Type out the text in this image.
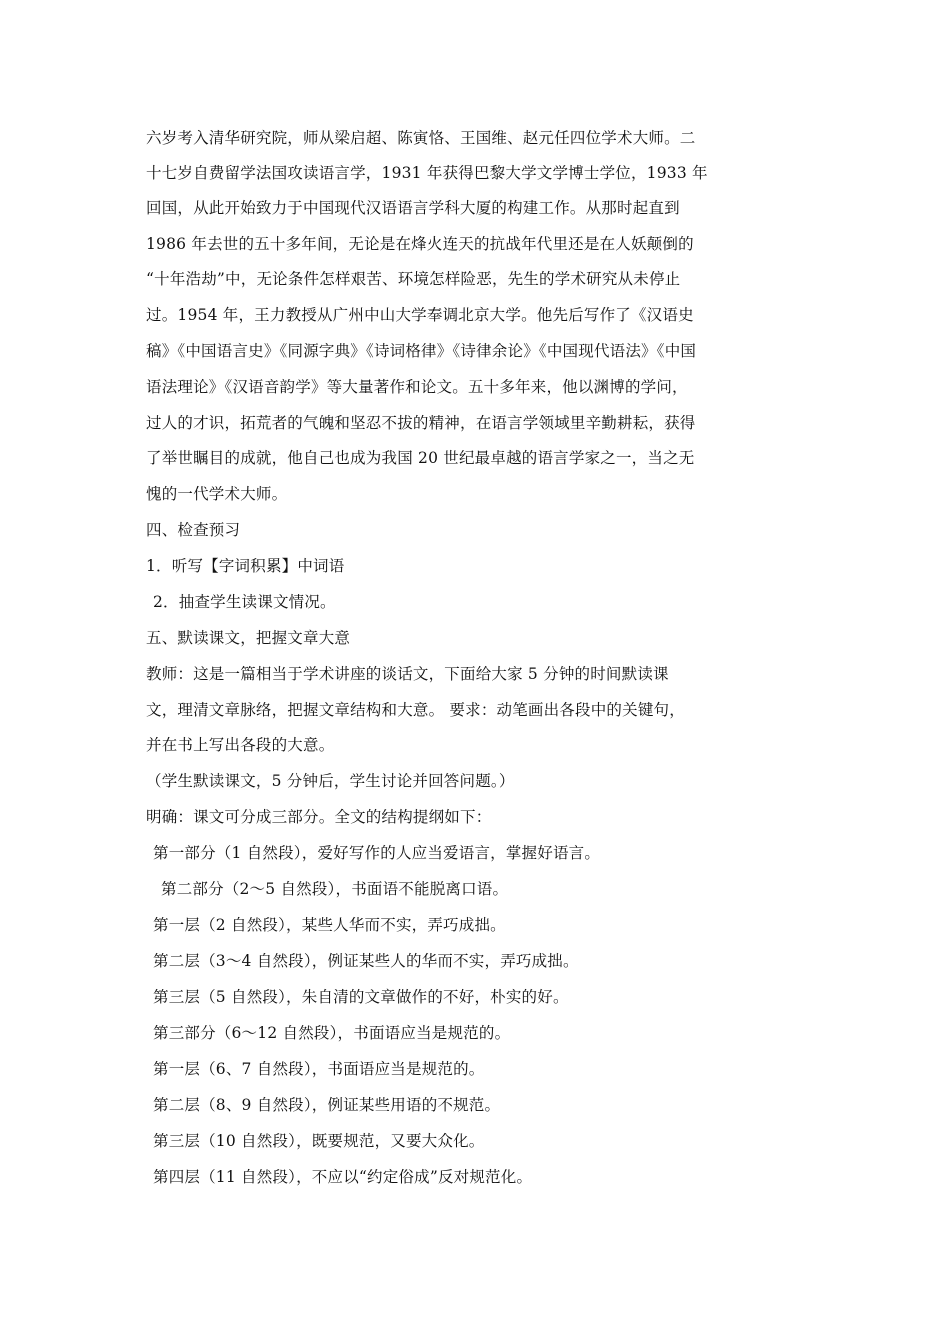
六岁考入清华研究院，师从梁启超、陈寅恪、王国维、赵元任四位学术大师。二
十七岁自费留学法国攻读语言学，1931 年获得巴黎大学文学博士学位，1933 年
回国，从此开始致力于中国现代汉语语言学科大厦的构建工作。从那时起直到
1986 年去世的五十多年间，无论是在烽火连天的抗战年代里还是在人妖颠倒的
“十年浩劫”中，无论条件怎样艰苦、环境怎样险恶，先生的学术研究从未停止
过。1954 年，王力教授从广州中山大学奉调北京大学。他先后写作了《汉语史
稿》《中国语言史》《同源字典》《诗词格律》《诗律余论》《中国现代语法》《中国
语法理论》《汉语音韵学》等大量著作和论文。五十多年来，他以渊博的学问，
过人的才识，拓荒者的气魄和坚忍不拔的精神，在语言学领域里辛勤耕耘，获得
了举世瞩目的成就，他自己也成为我国 20 世纪最卓越的语言学家之一，当之无
愧的一代学术大师。
四、检查预习
1．听写【字词积累】中词语
2．抽查学生读课文情况。
五、默读课文，把握文章大意
教师：这是一篇相当于学术讲座的谈话文，下面给大家 5 分钟的时间默读课
文，理清文章脉络，把握文章结构和大意。 要求：动笔画出各段中的关键句，
并在书上写出各段的大意。
（学生默读课文，5 分钟后，学生讨论并回答问题。）
明确：课文可分成三部分。全文的结构提纲如下：
第一部分（1 自然段），爱好写作的人应当爱语言，掌握好语言。
第二部分（2～5 自然段），书面语不能脱离口语。
第一层（2 自然段），某些人华而不实，弄巧成拙。
第二层（3～4 自然段），例证某些人的华而不实，弄巧成拙。
第三层（5 自然段），朱自清的文章做作的不好，朴实的好。
第三部分（6～12 自然段），书面语应当是规范的。
第一层（6、7 自然段），书面语应当是规范的。
第二层（8、9 自然段），例证某些用语的不规范。
第三层（10 自然段），既要规范，又要大众化。
第四层（11 自然段），不应以“约定俗成”反对规范化。
